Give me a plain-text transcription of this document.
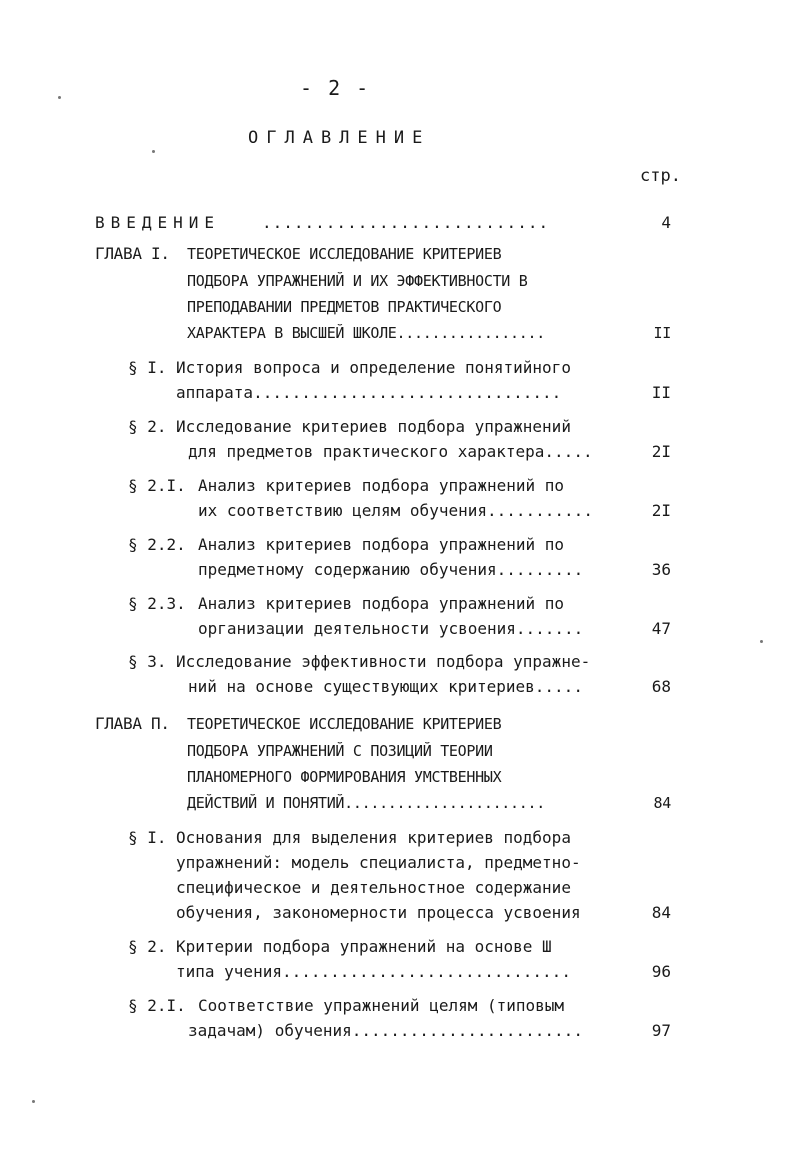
- 2 -
ОГЛАВЛЕНИЕ
стр.
ВВЕДЕНИЕ	...........................	4
ГЛАВА I. ТЕОРЕТИЧЕСКОЕ ИССЛЕДОВАНИЕ КРИТЕРИЕВ
ПОДБОРА УПРАЖНЕНИЙ И ИХ ЭФФЕКТИВНОСТИ В
ПРЕПОДАВАНИИ ПРЕДМЕТОВ ПРАКТИЧЕСКОГО
ХАРАКТЕРА В ВЫСШЕЙ ШКОЛЕ.................	II
§ I. История вопроса и определение понятийного
аппарата................................	II
§ 2. Исследование критериев подбора упражнений
для предметов практического характера.....	2I
§ 2.I. Анализ критериев подбора упражнений по
их соответствию целям обучения...........	2I
§ 2.2. Анализ критериев подбора упражнений по
предметному содержанию обучения.........	36
§ 2.3. Анализ критериев подбора упражнений по
организации деятельности усвоения.......	47
§ 3. Исследование эффективности подбора упражне-
ний на основе существующих критериев.....	68
ГЛАВА П. ТЕОРЕТИЧЕСКОЕ ИССЛЕДОВАНИЕ КРИТЕРИЕВ
ПОДБОРА УПРАЖНЕНИЙ С ПОЗИЦИЙ ТЕОРИИ
ПЛАНОМЕРНОГО ФОРМИРОВАНИЯ УМСТВЕННЫХ
ДЕЙСТВИЙ И ПОНЯТИЙ.......................	84
§ I. Основания для выделения критериев подбора
упражнений: модель специалиста, предметно-
специфическое и деятельностное содержание
обучения, закономерности процесса усвоения	84
§ 2. Критерии подбора упражнений на основе Ш
типа учения..............................	96
§ 2.I. Соответствие упражнений целям (типовым
задачам) обучения........................	97
